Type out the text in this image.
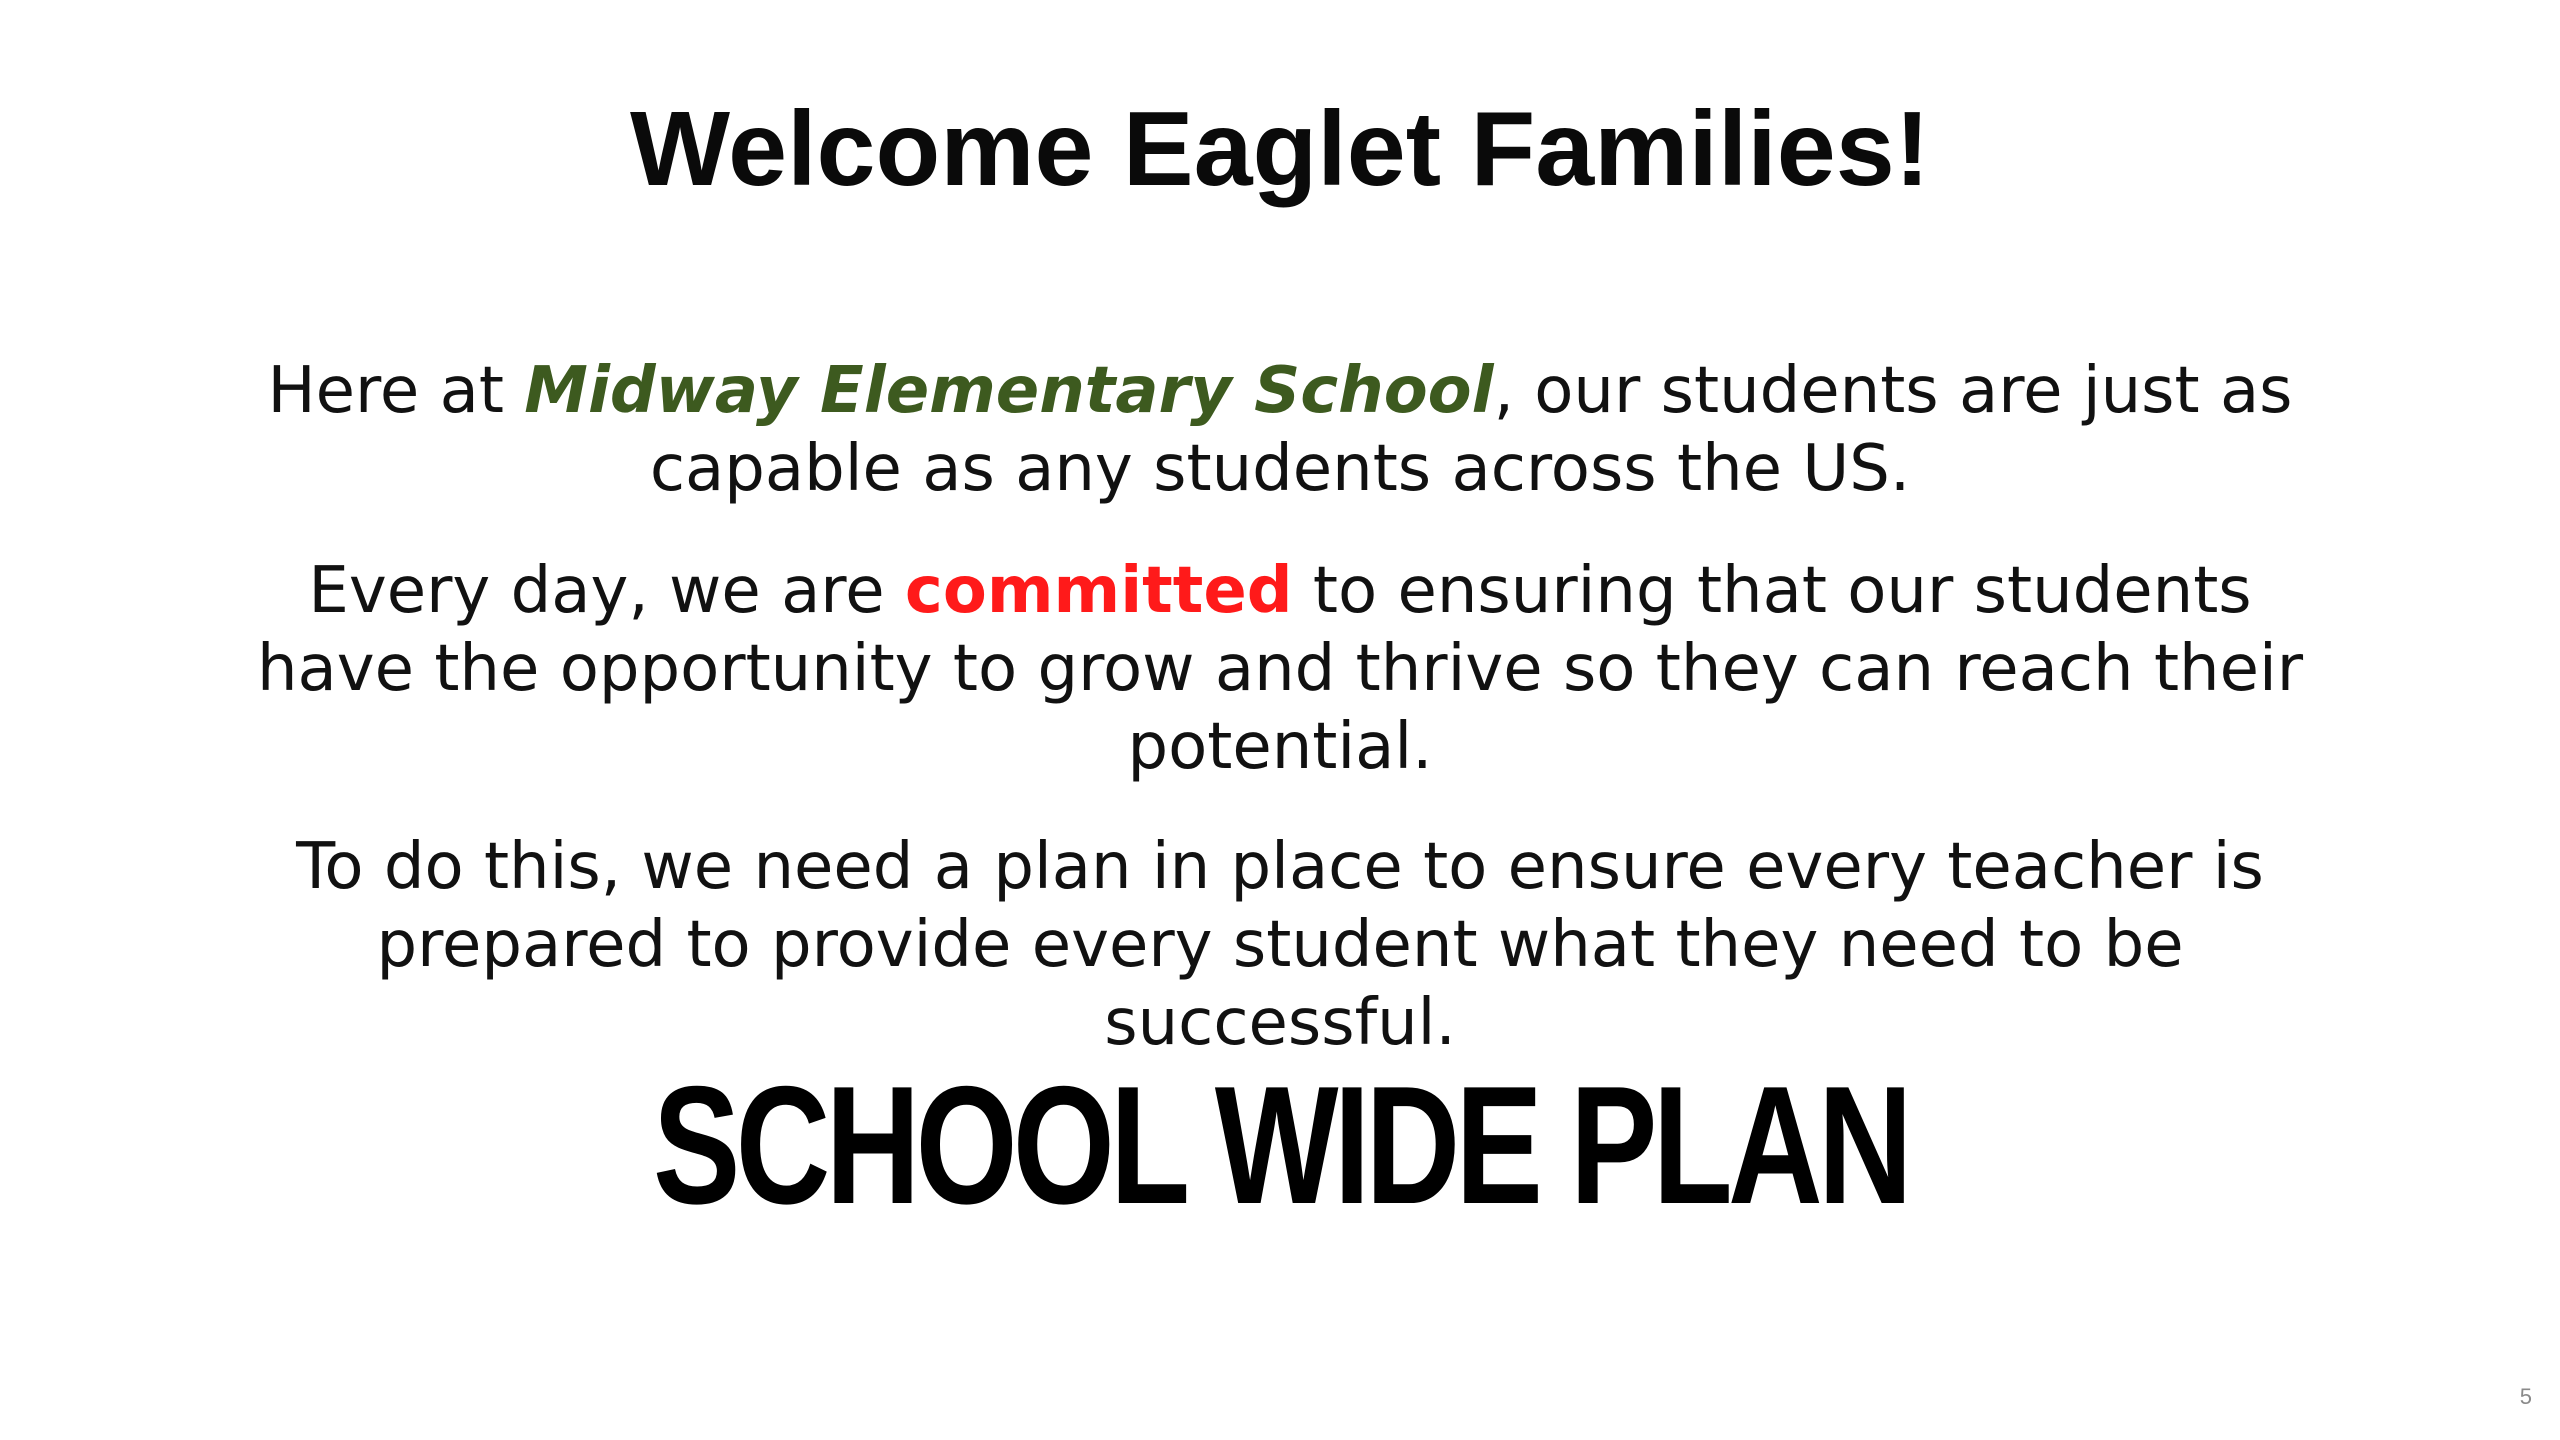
Welcome Eaglet Families!
Here at Midway Elementary School, our students are just as capable as any students across the US.
Every day, we are committed to ensuring that our students have the opportunity to grow and thrive so they can reach their potential.
To do this, we need a plan in place to ensure every teacher is prepared to provide every student what they need to be successful.
SCHOOL WIDE PLAN
5
